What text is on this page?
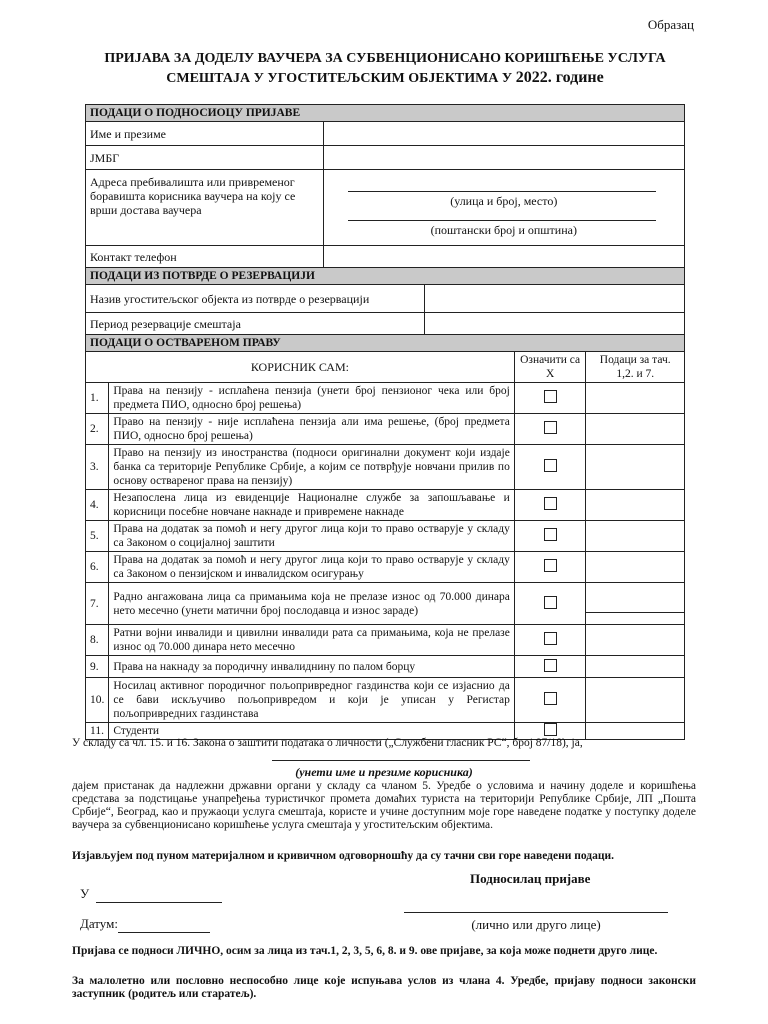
Образац
ПРИЈАВА ЗА ДОДЕЛУ ВАУЧЕРА ЗА СУБВЕНЦИОНИСАНО КОРИШЋЕЊЕ УСЛУГА
СМЕШТАЈА У УГОСТИТЕЉСКИМ ОБЈЕКТИМА У 2022. године
ПОДАЦИ О ПОДНОСИОЦУ ПРИЈАВЕ					
Име и презиме					
ЈМБГ					
Адреса пребивалишта или привременог боравишта корисника ваучера на коју се врши достава ваучера		(улица и број, место)
(поштански број и општина)			

Контакт телефон					
ПОДАЦИ ИЗ ПОТВРДЕ О РЕЗЕРВАЦИЈИ					
Назив угоститељског објекта из потврде о резервацији					
Период резервације смештаја					
ПОДАЦИ О ОСТВАРЕНОМ ПРАВУ					
КОРИСНИК САМ:				Означити са Х	Подаци за тач. 1,2. и 7.
1.	Права на пензију - исплаћена пензија (унети број пензионог чека или број предмета ПИО, односно број решења)				
2.	Право на пензију - није исплаћена пензија али има решење, (број предмета ПИО, односно број решења)				
3.	Право на пензију из иностранства (подноси оригинални документ који издаје банка са територије Републике Србије, а којим се потврђује новчани прилив по основу оствареног права на пензију)				
4.	Незапослена лица из евиденције Националне службе за запошљавање и корисници посебне новчане накнаде и привремене накнаде				
5.	Права на додатак за помоћ и негу другог лица који то право остварује у складу са Законом о социјалној заштити				
6.	Права на додатак за помоћ и негу другог лица који то право остварује у складу са Законом о пензијском и инвалидском осигурању				
7.	Радно ангажована лица са примањима која не прелазе износ од 70.000 динара нето месечно (унети матични број послодавца и износ зараде)				

8.	Ратни војни инвалиди и цивилни инвалиди рата са примањима, која не прелазе износ од 70.000 динара нето месечно				
9.	Права на накнаду за породичну инвалиднину по палом борцу				
10.	Носилац активног породичног пољопривредног газдинства који се изјаснио да се бави искључиво пољопривредом и који је уписан у Регистар пољопривредних газдинстава				
11.	Студенти				
У складу са чл. 15. и 16. Закона о заштити података о личности („Службени гласник РС“, број 87/18), ја,
(унети име и презиме корисника)
дајем пристанак да надлежни државни органи у складу са чланом 5. Уредбе о условима и начину доделе и коришћења средстава за подстицање унапређења туристичког промета домаћих туриста на територији Републике Србије, ЛП „Пошта Србије“, Београд, као и пружаоци услуга смештаја, користе и учине доступним моје горе наведене податке у поступку доделе ваучера за субвенционисано коришћење услуга смештаја у угоститељским објектима.
Изјављујем под пуном материјалном и кривичном одговорношћу да су тачни сви горе наведени подаци.
Подносилац пријаве
У
Датум:	(лично или друго лице)
Пријава се подноси ЛИЧНО, осим за лица из тач.1, 2, 3, 5, 6, 8. и 9. ове пријаве, за која може поднети друго лице.
За малолетно или пословно неспособно лице које испуњава услов из члана 4. Уредбе, пријаву подноси законски заступник (родитељ или старатељ).
